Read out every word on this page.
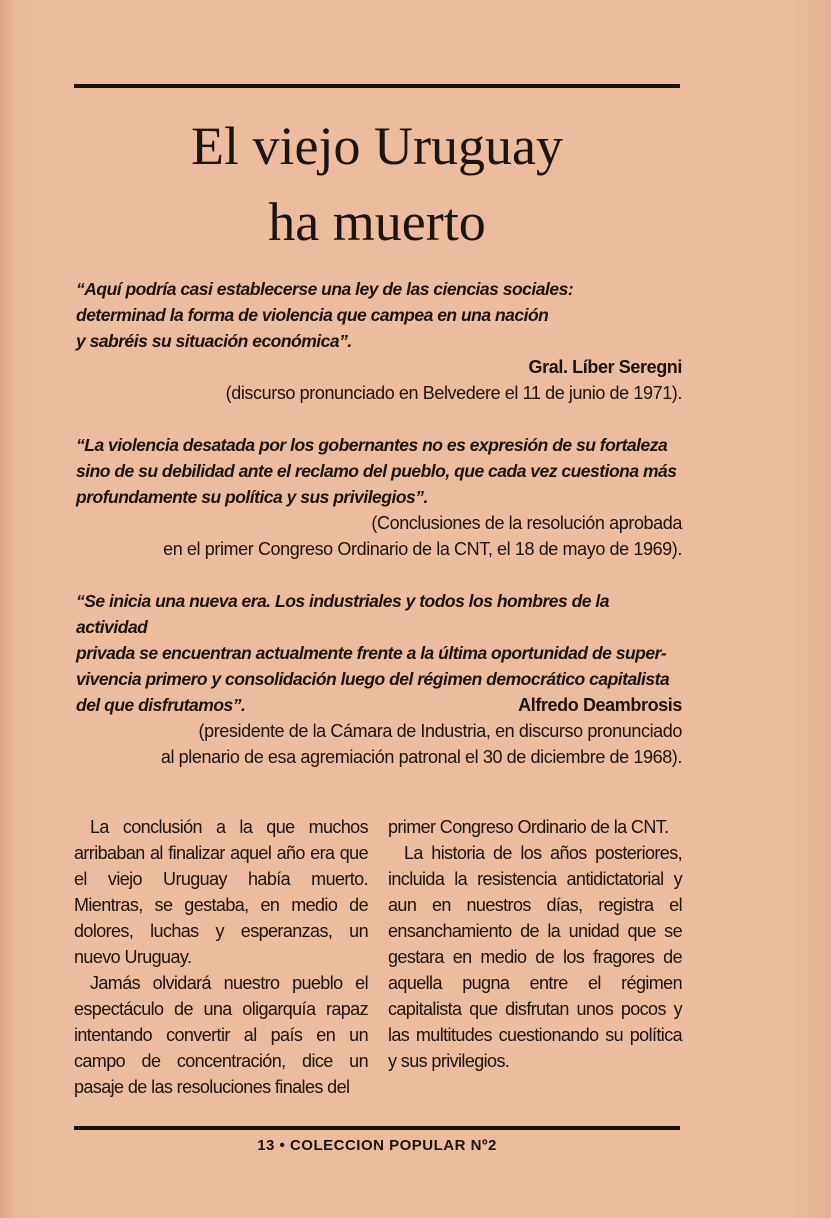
El viejo Uruguay
ha muerto
“Aquí podría casi establecerse una ley de las ciencias sociales:
determinad la forma de violencia que campea en una nación
y sabréis su situación económica”.
Gral. Líber Seregni
(discurso pronunciado en Belvedere el 11 de junio de 1971).
“La violencia desatada por los gobernantes no es expresión de su fortaleza
sino de su debilidad ante el reclamo del pueblo, que cada vez cuestiona más
profundamente su política y sus privilegios”.
(Conclusiones de la resolución aprobada
en el primer Congreso Ordinario de la CNT, el 18 de mayo de 1969).
“Se inicia una nueva era. Los industriales y todos los hombres de la actividad
privada se encuentran actualmente frente a la última oportunidad de super-
vivencia primero y consolidación luego del régimen democrático capitalista
del que disfrutamos”.	Alfredo Deambrosis
(presidente de la Cámara de Industria, en discurso pronunciado
al plenario de esa agremiación patronal el 30 de diciembre de 1968).

La conclusión a la que muchos arribaban al finalizar aquel año era que el viejo Uruguay había muerto. Mientras, se gestaba, en medio de dolores, luchas y esperanzas, un nuevo Uruguay.

Jamás olvidará nuestro pueblo el espectáculo de una oligarquía rapaz intentando convertir al país en un campo de concentración, dice un pasaje de las resoluciones finales del

primer Congreso Ordinario de la CNT.

La historia de los años posteriores, incluida la resistencia antidictatorial y aun en nuestros días, registra el ensanchamiento de la unidad que se gestara en medio de los fragores de aquella pugna entre el régimen capitalista que disfrutan unos pocos y las multitudes cuestionando su política y sus privilegios.

13 • COLECCION POPULAR Nº2
